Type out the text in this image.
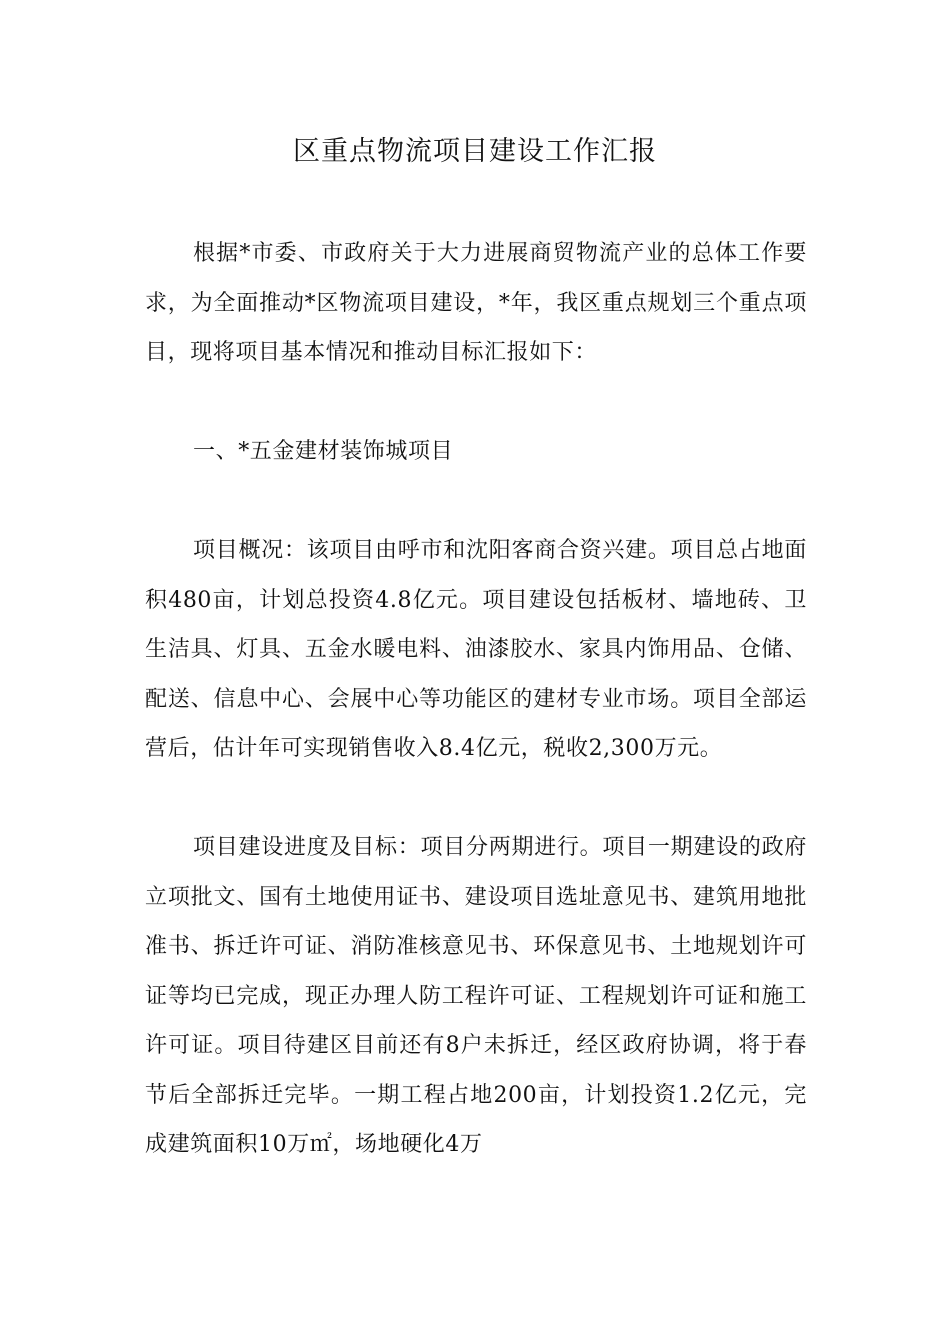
区重点物流项目建设工作汇报

根据*市委、市政府关于大力进展商贸物流产业的总体工作要求，为全面推动*区物流项目建设，*年，我区重点规划三个重点项目，现将项目基本情况和推动目标汇报如下：

一、*五金建材装饰城项目

项目概况：该项目由呼市和沈阳客商合资兴建。项目总占地面积480亩，计划总投资4.8亿元。项目建设包括板材、墙地砖、卫生洁具、灯具、五金水暖电料、油漆胶水、家具内饰用品、仓储、配送、信息中心、会展中心等功能区的建材专业市场。项目全部运营后，估计年可实现销售收入8.4亿元，税收2,300万元。

项目建设进度及目标：项目分两期进行。项目一期建设的政府立项批文、国有土地使用证书、建设项目选址意见书、建筑用地批准书、拆迁许可证、消防准核意见书、环保意见书、土地规划许可证等均已完成，现正办理人防工程许可证、工程规划许可证和施工许可证。项目待建区目前还有8户未拆迁，经区政府协调，将于春节后全部拆迁完毕。一期工程占地200亩，计划投资1.2亿元，完成建筑面积10万㎡，场地硬化4万
